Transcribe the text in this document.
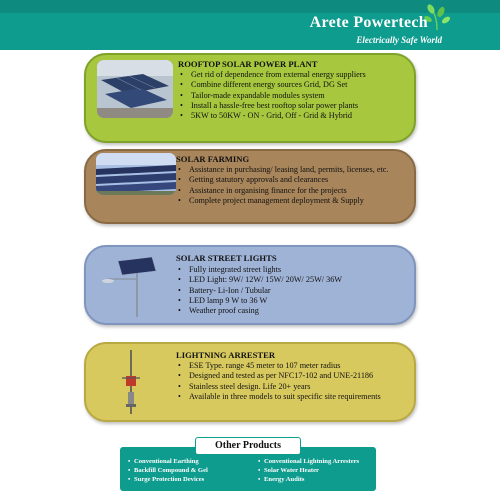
Arete Powertech
Electrically Safe World
ROOFTOP SOLAR POWER PLANT
• Get rid of dependence from external energy suppliers
• Combine different energy sources Grid, DG Set
• Tailor-made expandable modules system
• Install a hassle-free best rooftop solar power plants
• 5KW to 50KW - ON - Grid, Off - Grid & Hybrid
SOLAR FARMING
• Assistance in purchasing/ leasing land, permits, licenses, etc.
• Getting statutory approvals and clearances
• Assistance in organising finance for the projects
• Complete project management deployment & Supply
SOLAR STREET LIGHTS
• Fully integrated street lights
• LED Light: 9W/ 12W/ 15W/ 20W/ 25W/ 36W
• Battery- Li-Ion / Tubular
• LED lamp 9 W to 36 W
• Weather proof casing
LIGHTNING ARRESTER
• ESE Type. range 45 meter to 107 meter radius
• Designed and tested as per NFC17-102 and UNE-21186
• Stainless steel design. Life 20+ years
• Available in three models to suit specific site requirements
Other Products
• Conventional Earthing
• Backfill Compound & Gel
• Surge Protection Devices
• Conventional Lightning Arresters
• Solar Water Heater
• Energy Audits
